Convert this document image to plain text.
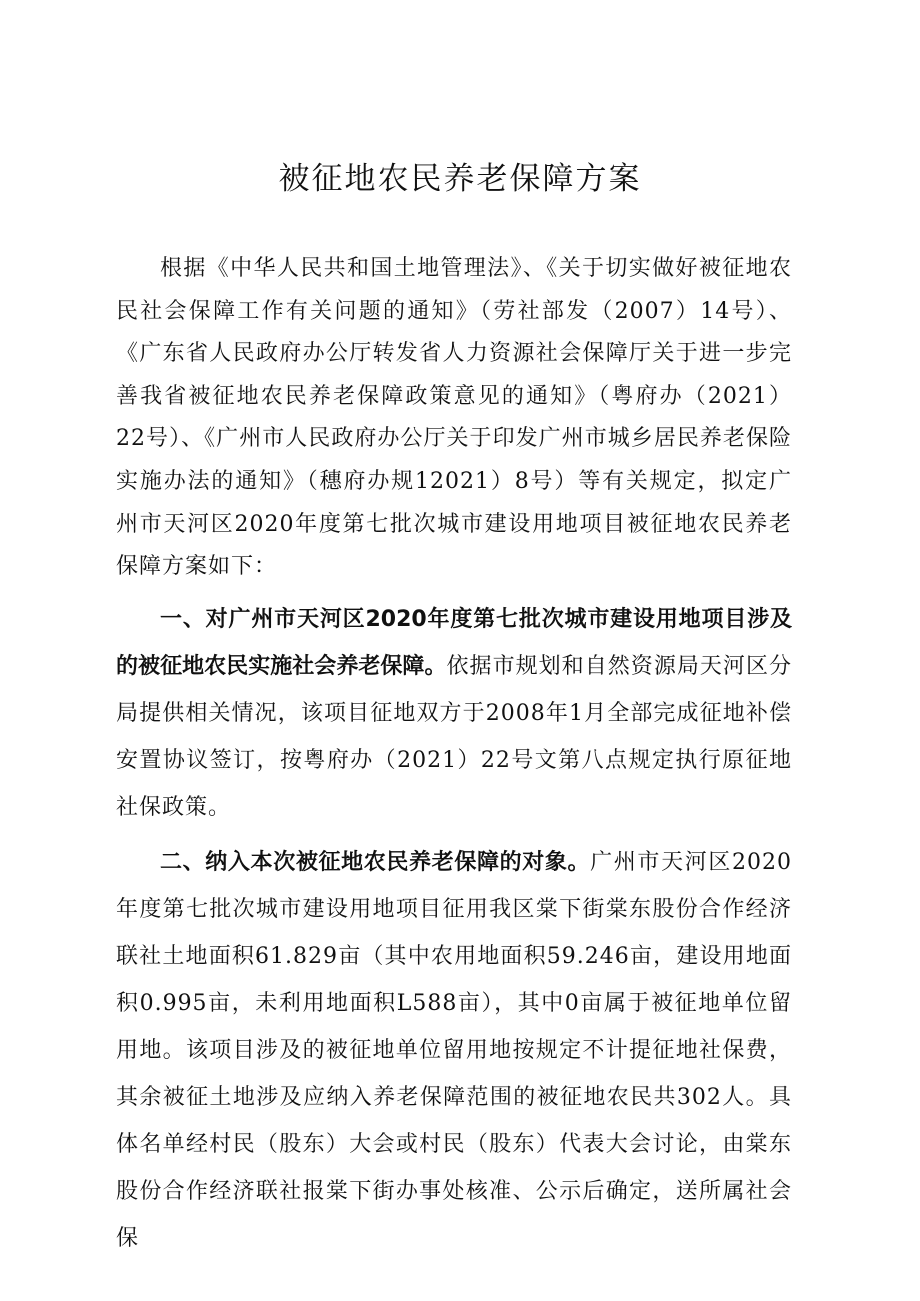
被征地农民养老保障方案

根据《中华人民共和国土地管理法》、《关于切实做好被征地农民社会保障工作有关问题的通知》（劳社部发（2007）14号）、《广东省人民政府办公厅转发省人力资源社会保障厅关于进一步完善我省被征地农民养老保障政策意见的通知》（粤府办（2021）22号）、《广州市人民政府办公厅关于印发广州市城乡居民养老保险实施办法的通知》（穗府办规12021）8号）等有关规定，拟定广州市天河区2020年度第七批次城市建设用地项目被征地农民养老保障方案如下：

一、对广州市天河区2020年度第七批次城市建设用地项目涉及的被征地农民实施社会养老保障。依据市规划和自然资源局天河区分局提供相关情况，该项目征地双方于2008年1月全部完成征地补偿安置协议签订，按粤府办（2021）22号文第八点规定执行原征地社保政策。

二、纳入本次被征地农民养老保障的对象。广州市天河区2020年度第七批次城市建设用地项目征用我区棠下街棠东股份合作经济联社土地面积61.829亩（其中农用地面积59.246亩，建设用地面积0.995亩，未利用地面积L588亩），其中0亩属于被征地单位留用地。该项目涉及的被征地单位留用地按规定不计提征地社保费，其余被征土地涉及应纳入养老保障范围的被征地农民共302人。具体名单经村民（股东）大会或村民（股东）代表大会讨论，由棠东股份合作经济联社报棠下街办事处核准、公示后确定，送所属社会保
